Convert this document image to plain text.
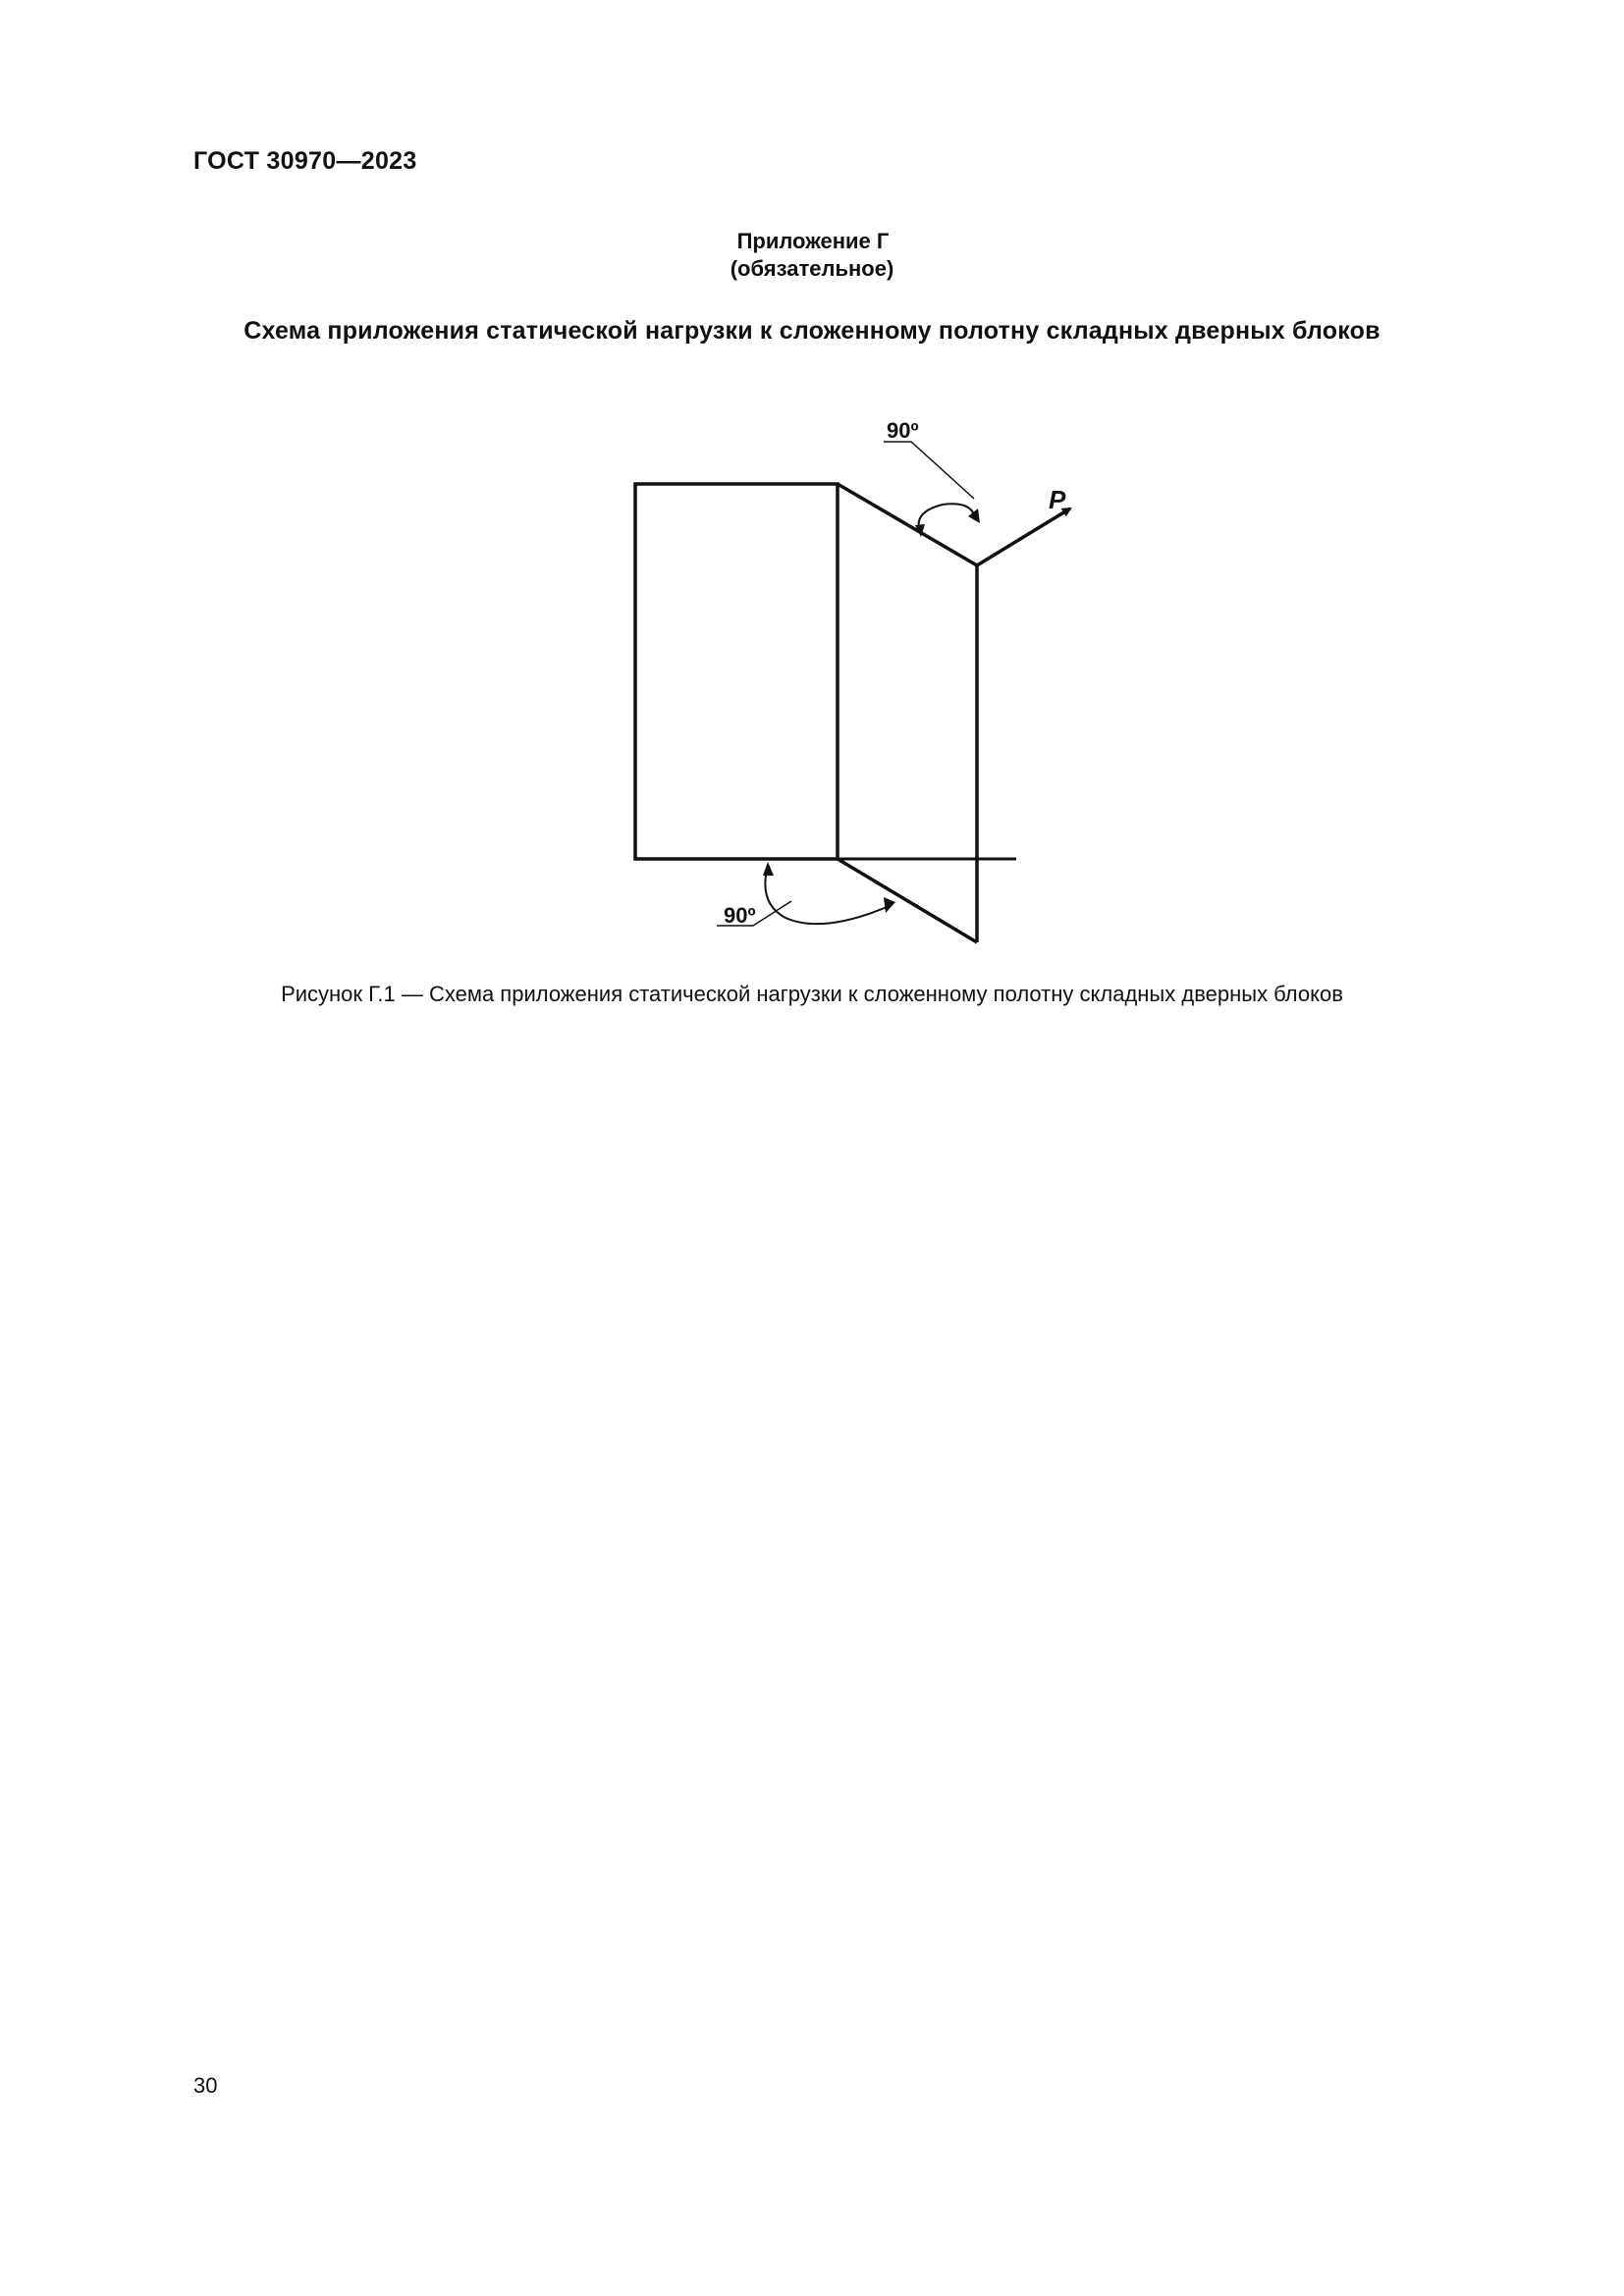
ГОСТ 30970—2023
Приложение Г
(обязательное)
Схема приложения статической нагрузки к сложенному полотну складных дверных блоков
P
90º
90º
Рисунок Г.1 — Схема приложения статической нагрузки к сложенному полотну складных дверных блоков
30
